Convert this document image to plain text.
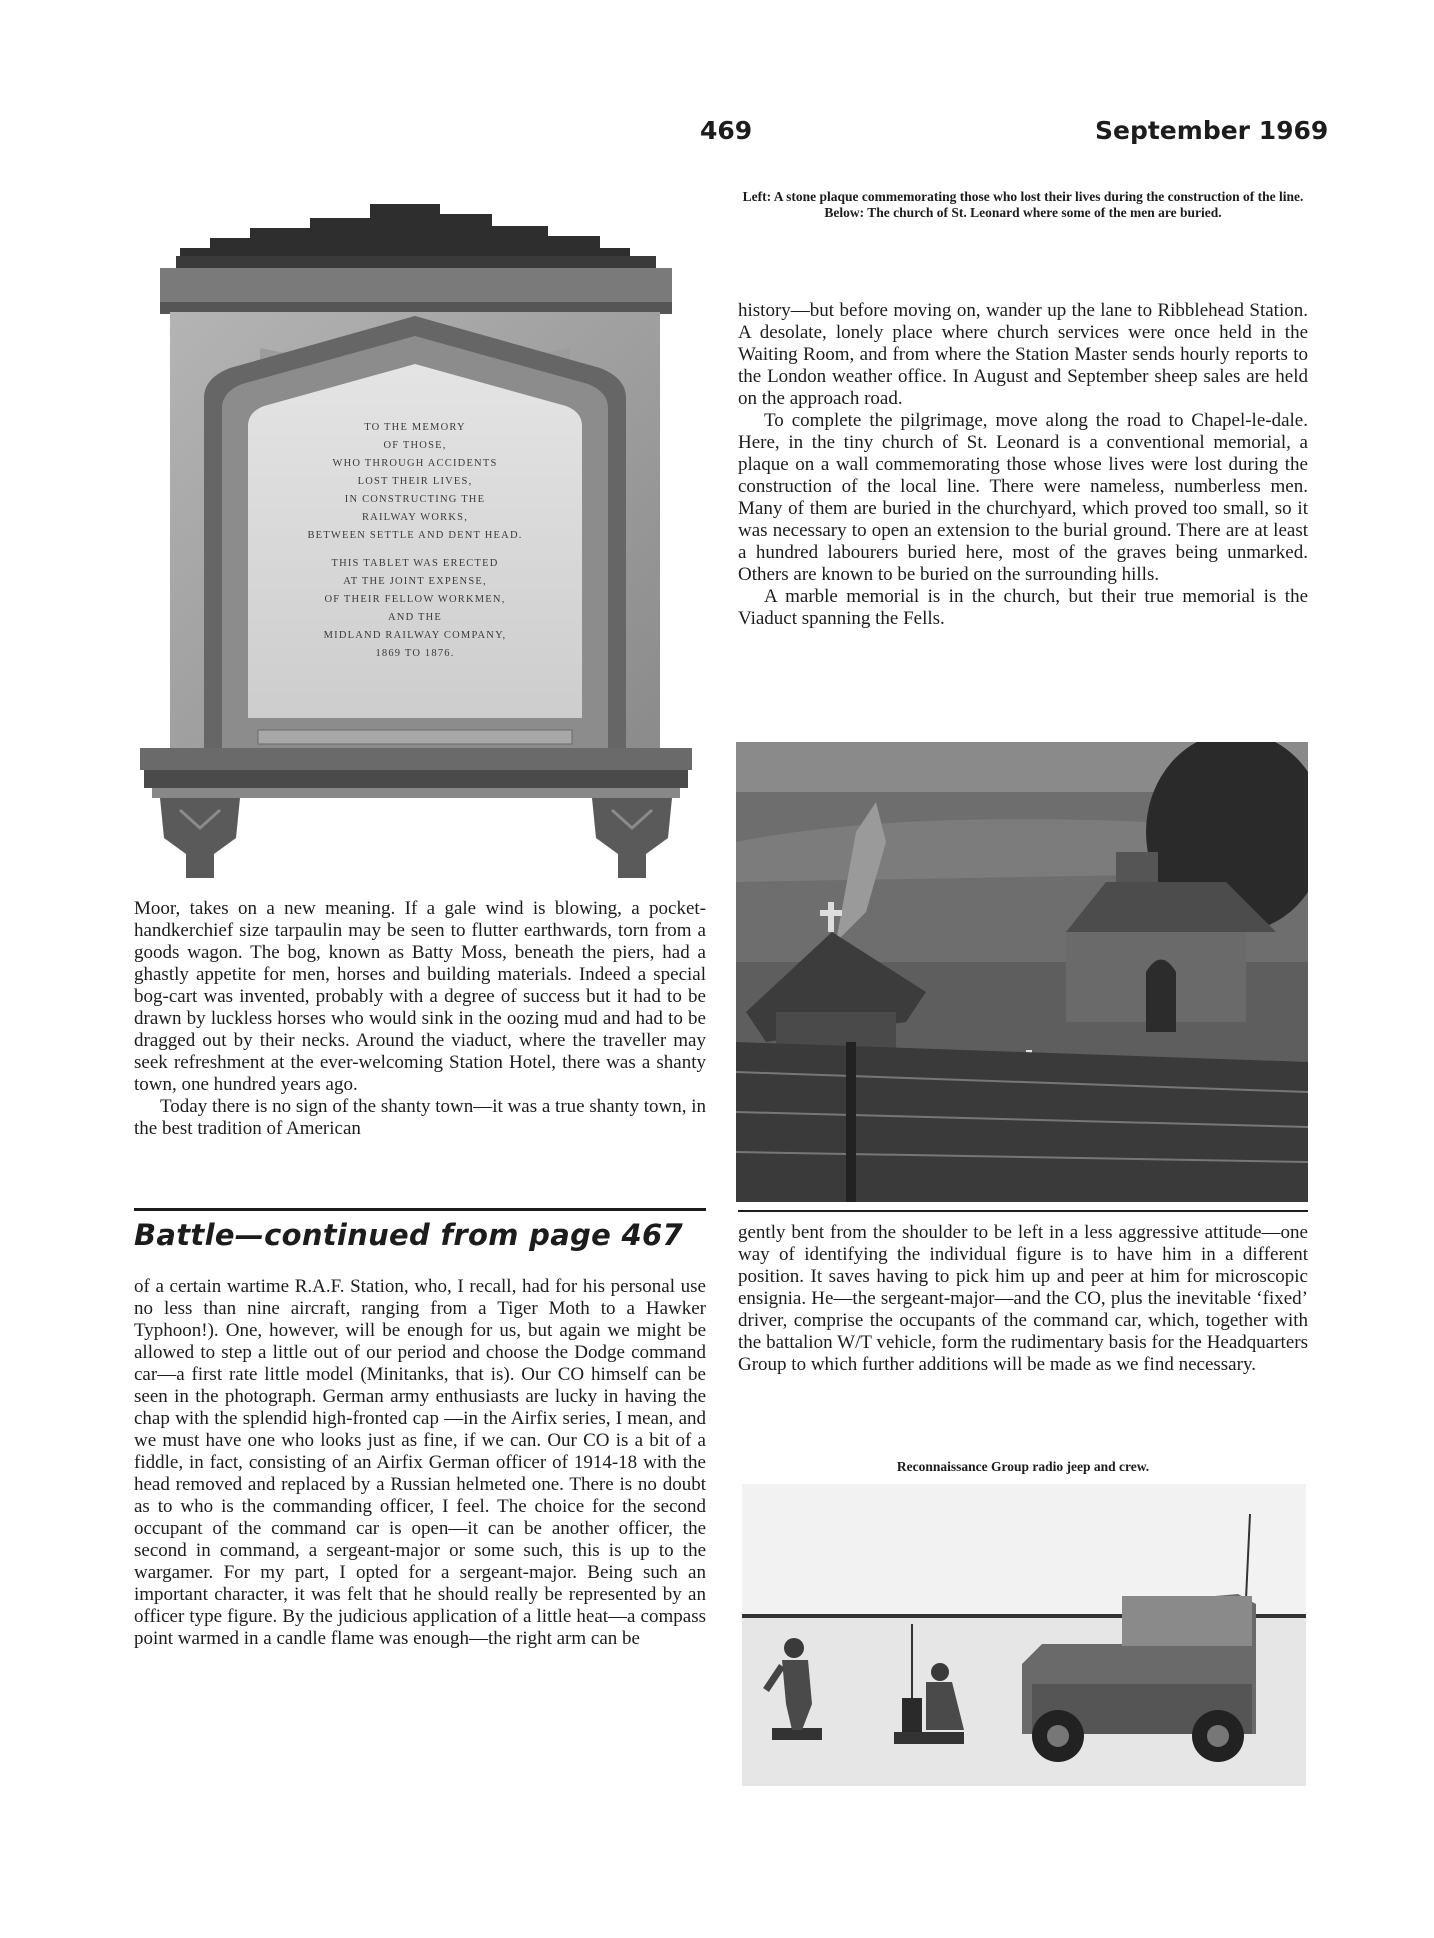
469	September 1969
Left: A stone plaque commemorating those who lost their lives during the construction of the line.
Below: The church of St. Leonard where some of the men are buried.
TO THE MEMORY
OF THOSE,
WHO THROUGH ACCIDENTS
LOST THEIR LIVES,
IN CONSTRUCTING THE
RAILWAY WORKS,
BETWEEN SETTLE AND DENT HEAD.
THIS TABLET WAS ERECTED
AT THE JOINT EXPENSE,
OF THEIR FELLOW WORKMEN,
AND THE
MIDLAND RAILWAY COMPANY,
1869 TO 1876.

history—but before moving on, wander up the lane to Ribblehead Station. A desolate, lonely place where church services were once held in the Waiting Room, and from where the Station Master sends hourly reports to the London weather office. In August and September sheep sales are held on the approach road.

To complete the pilgrimage, move along the road to Chapel-le-dale. Here, in the tiny church of St. Leonard is a conventional memorial, a plaque on a wall commemorating those whose lives were lost during the construction of the local line. There were nameless, numberless men. Many of them are buried in the churchyard, which proved too small, so it was necessary to open an extension to the burial ground. There are at least a hundred labourers buried here, most of the graves being unmarked. Others are known to be buried on the surrounding hills.

A marble memorial is in the church, but their true memorial is the Viaduct spanning the Fells.

Moor, takes on a new meaning. If a gale wind is blowing, a pocket-handkerchief size tarpaulin may be seen to flutter earthwards, torn from a goods wagon. The bog, known as Batty Moss, beneath the piers, had a ghastly appetite for men, horses and building materials. Indeed a special bog-cart was invented, probably with a degree of success but it had to be drawn by luckless horses who would sink in the oozing mud and had to be dragged out by their necks. Around the viaduct, where the traveller may seek refreshment at the ever-welcoming Station Hotel, there was a shanty town, one hundred years ago.

Today there is no sign of the shanty town—it was a true shanty town, in the best tradition of American

Battle—continued from page 467

of a certain wartime R.A.F. Station, who, I recall, had for his personal use no less than nine aircraft, ranging from a Tiger Moth to a Hawker Typhoon!). One, however, will be enough for us, but again we might be allowed to step a little out of our period and choose the Dodge command car—a first rate little model (Minitanks, that is). Our CO himself can be seen in the photograph. German army enthusiasts are lucky in having the chap with the splendid high-fronted cap —in the Airfix series, I mean, and we must have one who looks just as fine, if we can. Our CO is a bit of a fiddle, in fact, consisting of an Airfix German officer of 1914-18 with the head removed and replaced by a Russian helmeted one. There is no doubt as to who is the commanding officer, I feel. The choice for the second occupant of the command car is open—it can be another officer, the second in command, a sergeant-major or some such, this is up to the wargamer. For my part, I opted for a sergeant-major. Being such an important character, it was felt that he should really be represented by an officer type figure. By the judicious application of a little heat—a compass point warmed in a candle flame was enough—the right arm can be

gently bent from the shoulder to be left in a less aggressive attitude—one way of identifying the individual figure is to have him in a different position. It saves having to pick him up and peer at him for microscopic ensignia. He—the sergeant-major—and the CO, plus the inevitable ‘fixed’ driver, comprise the occupants of the command car, which, together with the battalion W/T vehicle, form the rudimentary basis for the Headquarters Group to which further additions will be made as we find necessary.

Reconnaissance Group radio jeep and crew.
